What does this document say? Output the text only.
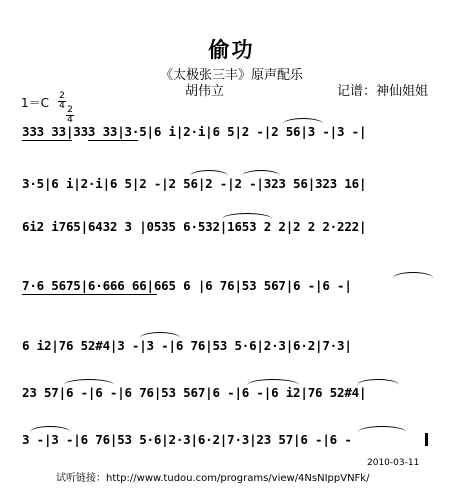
偷功
《太极张三丰》原声配乐
胡伟立	记谱：神仙姐姐
1＝C 2
4 2
4
333 33|333 33|3·5|6 i|2·i|6 5|2 -|2 56|3 -|3 -|
3·5|6 i|2·i|6 5|2 -|2 56|2 -|2 -|323 56|323 16|
6i2 i765|6432 3 |0535 6·532|1653 2 2|2 2 2·222|
7·6 5675|6·666 66|665 6 |6 76|53 567|6 -|6 -|
6 i2|76 52#4|3 -|3 -|6 76|53 5·6|2·3|6·2|7·3|
23 57|6 -|6 -|6 76|53 567|6 -|6 -|6 i2|76 52#4|
3 -|3 -|6 76|53 5·6|2·3|6·2|7·3|23 57|6 -|6 -
2010-03-11
试听链接：http://www.tudou.com/programs/view/4NsNIppVNFk/
